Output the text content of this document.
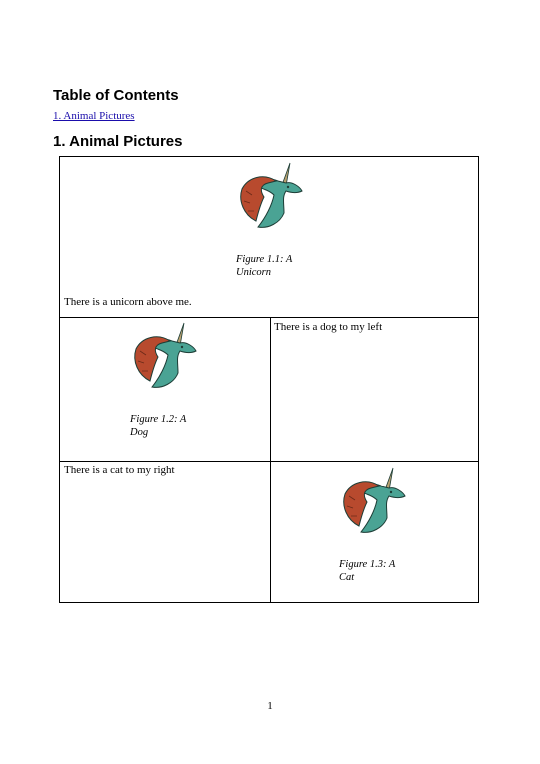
Table of Contents
1. Animal Pictures
1. Animal Pictures
Figure 1.1: A
Unicorn
There is a unicorn above me.
Figure 1.2: A
Dog
There is a dog to my left
There is a cat to my right
Figure 1.3: A
Cat
1
